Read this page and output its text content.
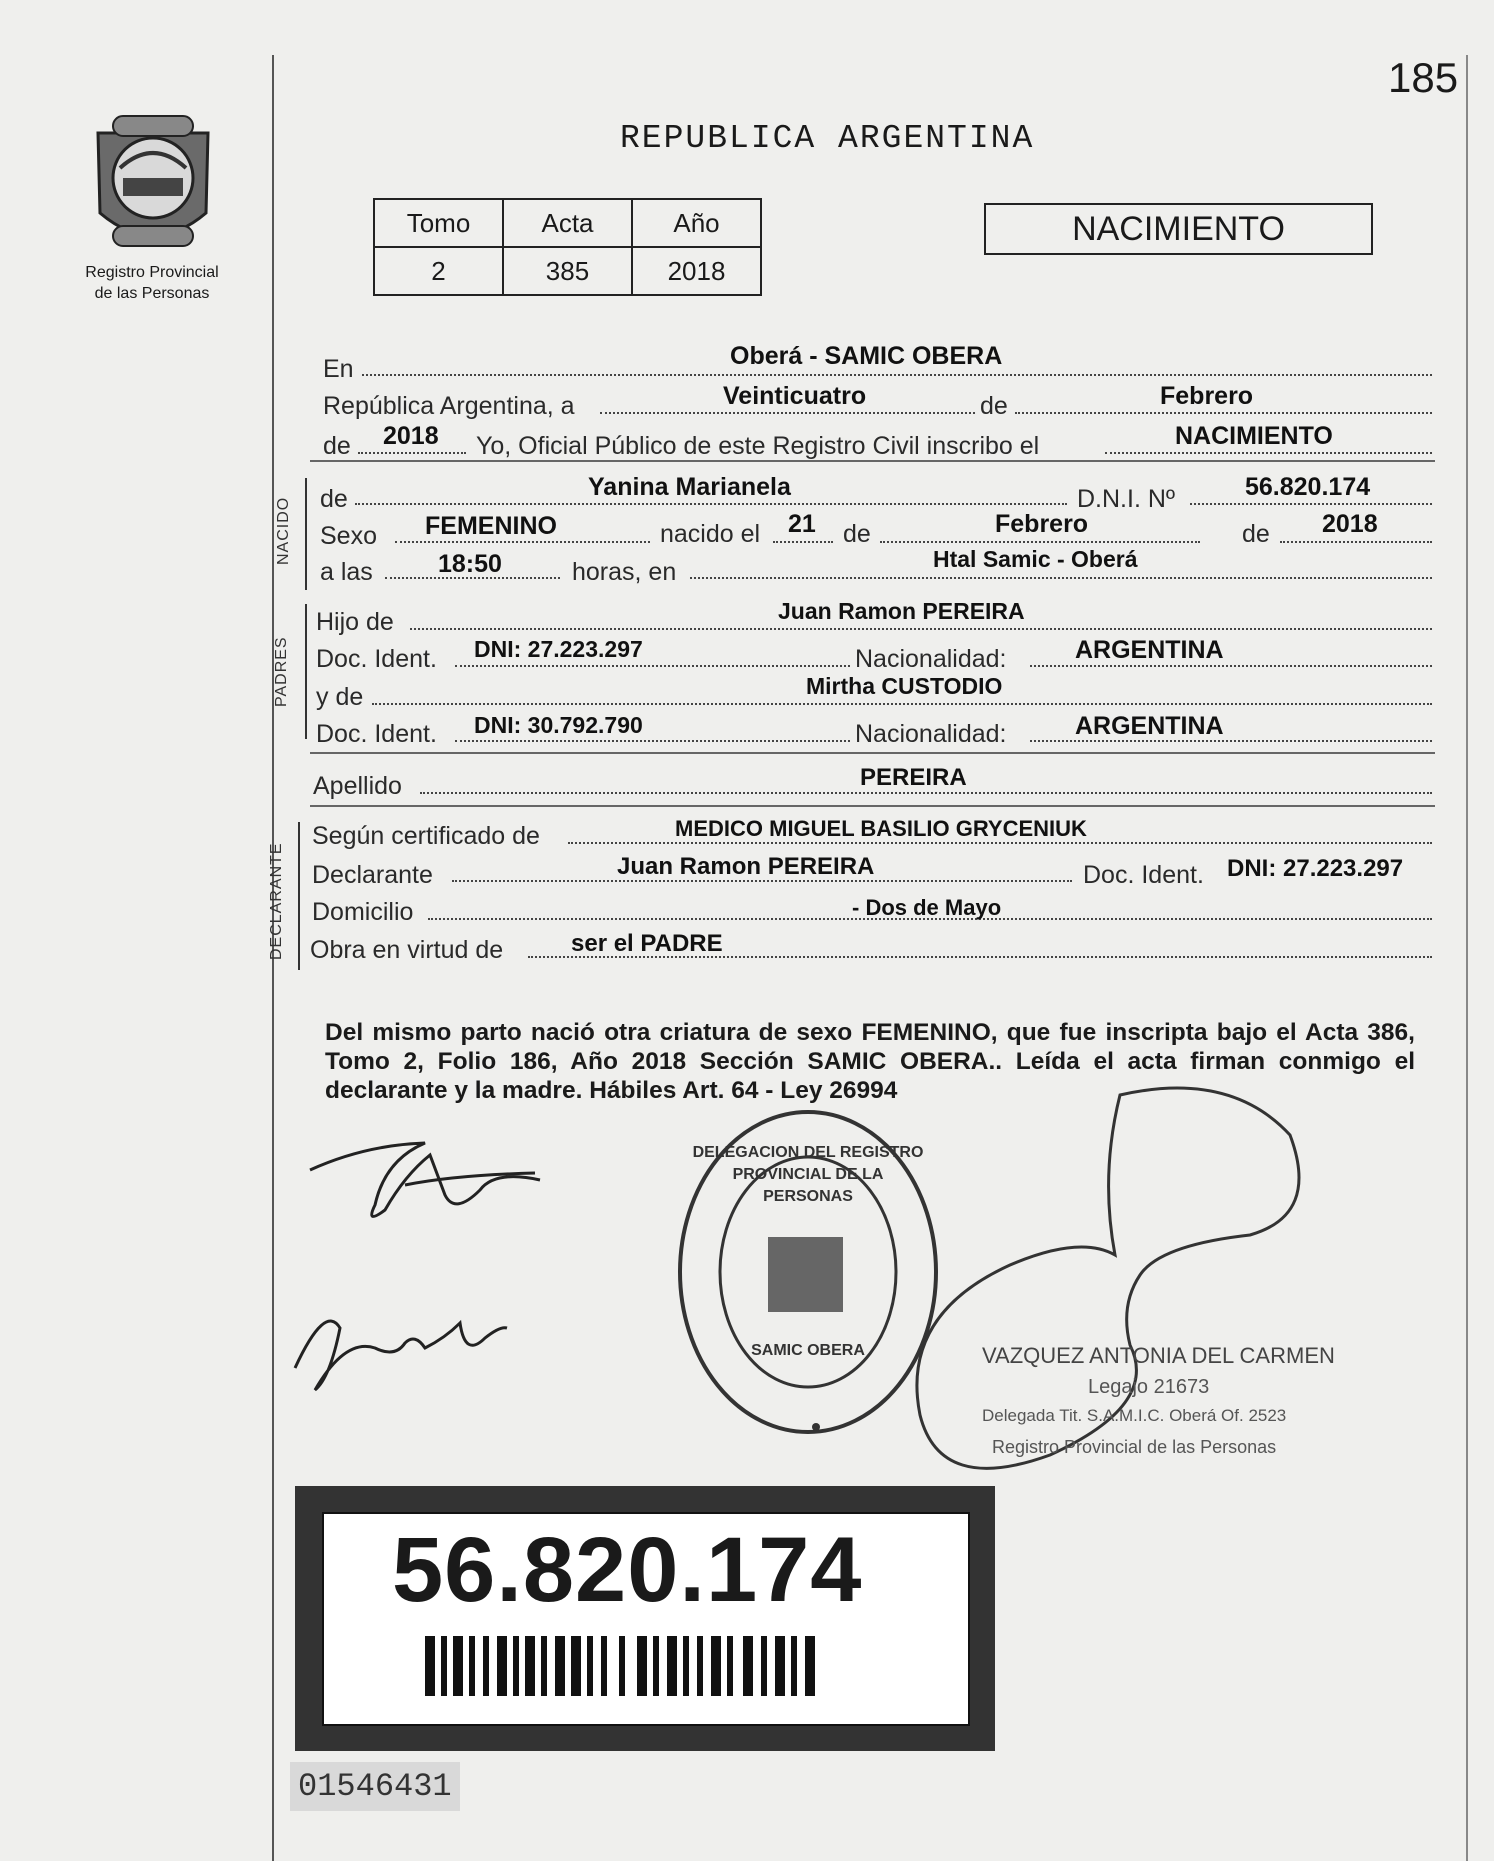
185
Registro Provincial
de las Personas
REPUBLICA ARGENTINA
Tomo	Acta	Año
2	385	2018
NACIMIENTO
En	Oberá - SAMIC OBERA
República Argentina, a	Veinticuatro	de	Febrero
de 2018 Yo, Oficial Público de este Registro Civil inscribo el	NACIMIENTO
NACIDO de	Yanina Marianela	D.N.I. Nº	56.820.174
Sexo FEMENINO	nacido el 21 de	Febrero	de 2018
a las	18:50	horas, en	Htal Samic - Oberá
PADRES
Hijo de	Juan Ramon PEREIRA
Doc. Ident. DNI: 27.223.297	Nacionalidad:	ARGENTINA
y de	Mirtha CUSTODIO
Doc. Ident. DNI: 30.792.790	Nacionalidad:	ARGENTINA
Apellido	PEREIRA
DECLARANTE
Según certificado de	MEDICO MIGUEL BASILIO GRYCENIUK
Declarante	Juan Ramon PEREIRA	Doc. Ident. DNI: 27.223.297
Domicilio	- Dos de Mayo
Obra en virtud de	ser el PADRE
Del mismo parto nació otra criatura de sexo FEMENINO, que fue inscripta bajo el Acta 386, Tomo 2, Folio 186, Año 2018 Sección SAMIC OBERA.. Leída el acta firman conmigo el declarante y la madre. Hábiles Art. 64 - Ley 26994
DELEGACION DEL REGISTRO PROVINCIAL DE LA PERSONAS
SAMIC OBERA	VAZQUEZ ANTONIA DEL CARMEN
Legajo 21673
Delegada Tit. S.A.M.I.C. Oberá Of. 2523
Registro Provincial de las Personas
56.820.174
01546431
